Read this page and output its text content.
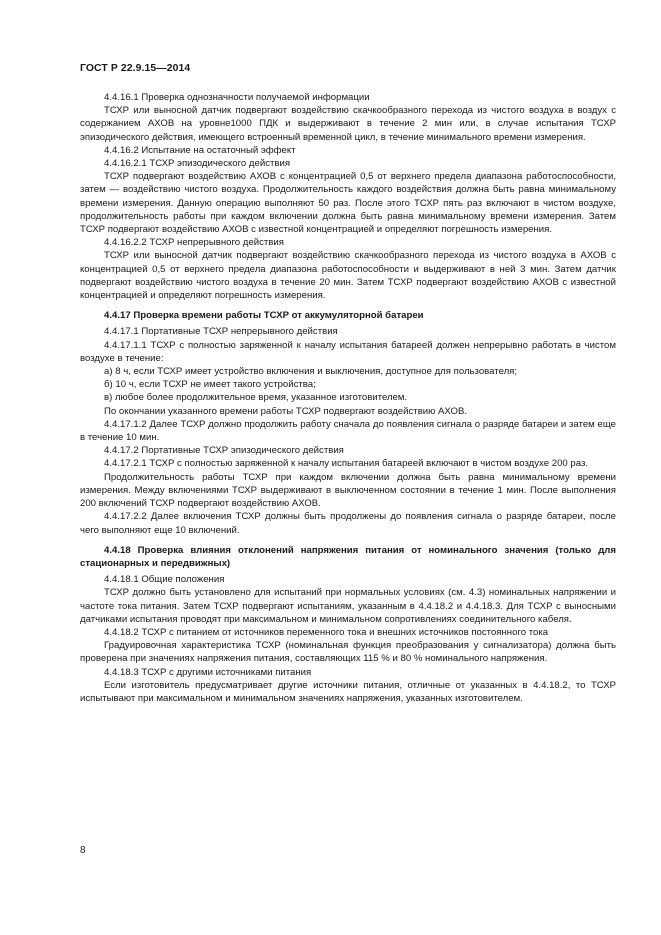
ГОСТ Р 22.9.15—2014

4.4.16.1 Проверка однозначности получаемой информации

ТСХР или выносной датчик подвергают воздействию скачкообразного перехода из чистого воздуха в воздух с содержанием АХОВ на уровне1000 ПДК и выдерживают в течение 2 мин или, в случае испытания ТСХР эпизодического действия, имеющего встроенный временной цикл, в течение минимального времени измерения.

4.4.16.2 Испытание на остаточный эффект

4.4.16.2.1 ТСХР эпизодического действия

ТСХР подвергают воздействию АХОВ с концентрацией 0,5 от верхнего предела диапазона работоспособности, затем — воздействию чистого воздуха. Продолжительность каждого воздействия должна быть равна минимальному времени измерения. Данную операцию выполняют 50 раз. После этого ТСХР пять раз включают в чистом воздухе, продолжительность работы при каждом включении должна быть равна минимальному времени измерения. Затем ТСХР подвергают воздействию АХОВ с известной концентрацией и определяют погрешность измерения.

4.4.16.2.2 ТСХР непрерывного действия

ТСХР или выносной датчик подвергают воздействию скачкообразного перехода из чистого воздуха в АХОВ с концентрацией 0,5 от верхнего предела диапазона работоспособности и выдерживают в ней 3 мин. Затем датчик подвергают воздействию чистого воздуха в течение 20 мин. Затем ТСХР подвергают воздействию АХОВ с известной концентрацией и определяют погрешность измерения.

4.4.17 Проверка времени работы ТСХР от аккумуляторной батареи

4.4.17.1 Портативные ТСХР непрерывного действия

4.4.17.1.1 ТСХР с полностью заряженной к началу испытания батареей должен непрерывно работать в чистом воздухе в течение:

а) 8 ч, если ТСХР имеет устройство включения и выключения, доступное для пользователя;

б) 10 ч, если ТСХР не имеет такого устройства;

в) любое более продолжительное время, указанное изготовителем.

По окончании указанного времени работы ТСХР подвергают воздействию АХОВ.

4.4.17.1.2 Далее ТСХР должно продолжить работу сначала до появления сигнала о разряде батареи и затем еще в течение 10 мин.

4.4.17.2 Портативные ТСХР эпизодического действия

4.4.17.2.1 ТСХР с полностью заряженной к началу испытания батареей включают в чистом воздухе 200 раз.

Продолжительность работы ТСХР при каждом включении должна быть равна минимальному времени измерения. Между включениями ТСХР выдерживают в выключенном состоянии в течение 1 мин. После выполнения 200 включений ТСХР подвергают воздействию АХОВ.

4.4.17.2.2 Далее включения ТСХР должны быть продолжены до появления сигнала о разряде батареи, после чего выполняют еще 10 включений.

4.4.18 Проверка влияния отклонений напряжения питания от номинального значения (только для стационарных и передвижных)

4.4.18.1 Общие положения

ТСХР должно быть установлено для испытаний при нормальных условиях (см. 4.3) номинальных напряжении и частоте тока питания. Затем ТСХР подвергают испытаниям, указанным в 4.4.18.2 и 4.4.18.3. Для ТСХР с выносными датчиками испытания проводят при максимальном и минимальном сопротивлениях соединительного кабеля.

4.4.18.2 ТСХР с питанием от источников переменного тока и внешних источников постоянного тока

Градуировочная характеристика ТСХР (номинальная функция преобразования у сигнализатора) должна быть проверена при значениях напряжения питания, составляющих 115 % и 80 % номинального напряжения.

4.4.18.3 ТСХР с другими источниками питания

Если изготовитель предусматривает другие источники питания, отличные от указанных в 4.4.18.2, то ТСХР испытывают при максимальном и минимальном значениях напряжения, указанных изготовителем.

8
